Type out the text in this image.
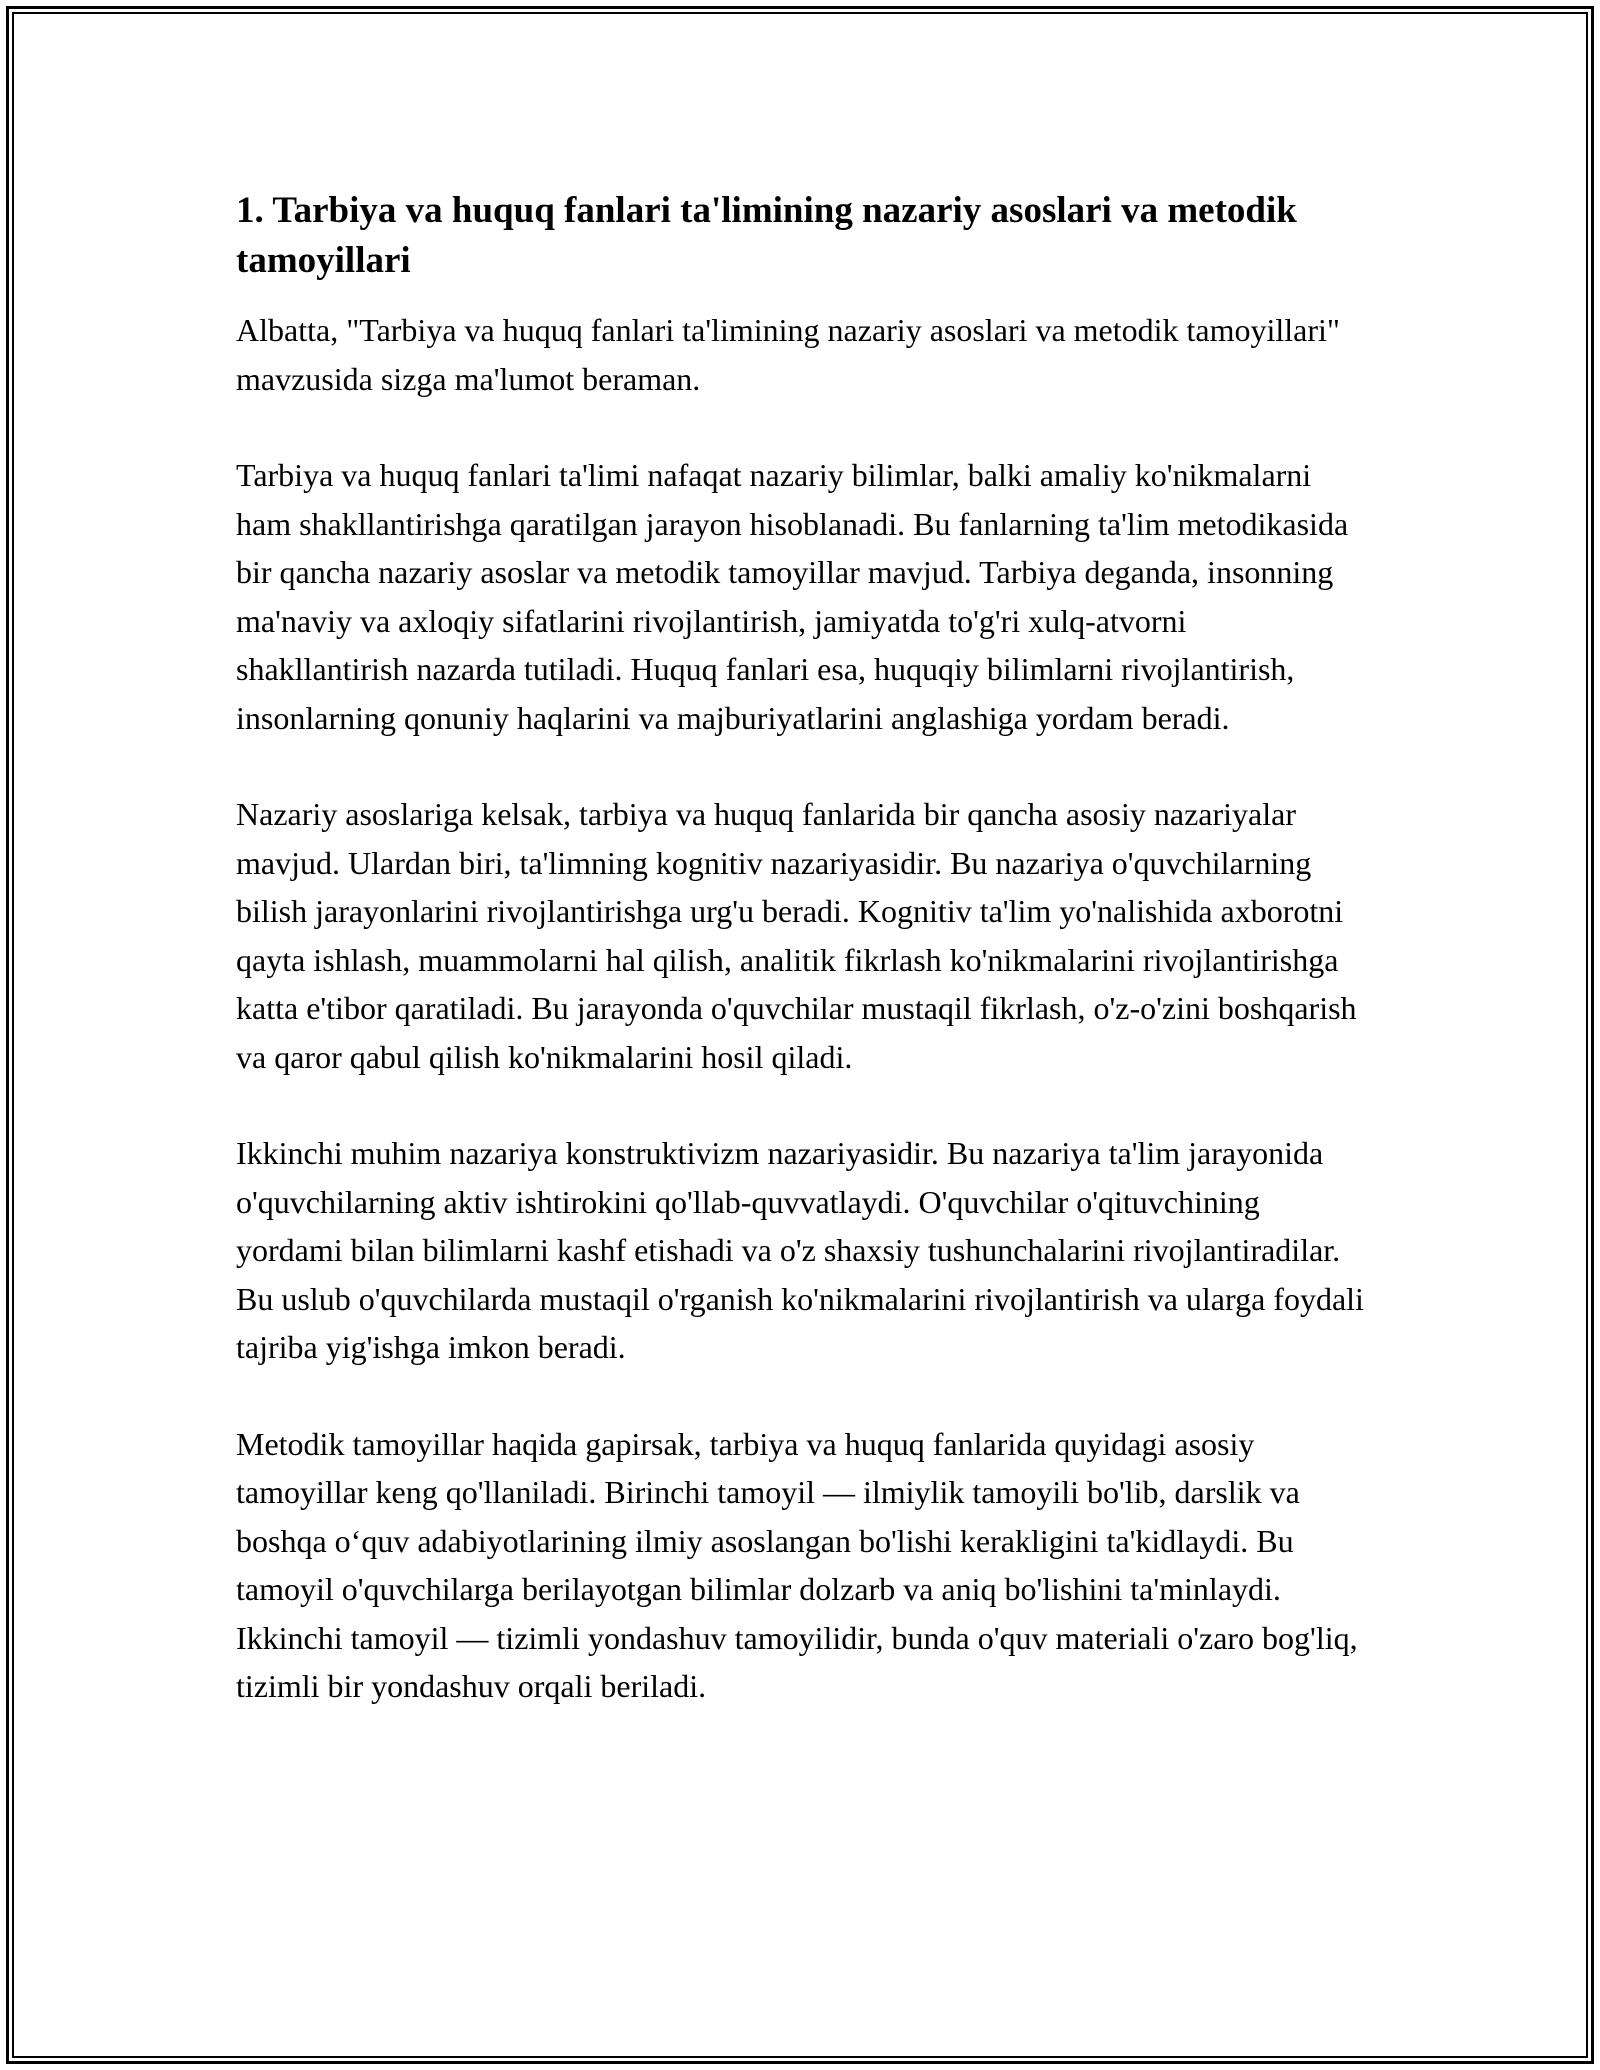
1. Tarbiya va huquq fanlari ta'limining nazariy asoslari va metodik tamoyillari

Albatta, "Tarbiya va huquq fanlari ta'limining nazariy asoslari va metodik tamoyillari" mavzusida sizga ma'lumot beraman.

Tarbiya va huquq fanlari ta'limi nafaqat nazariy bilimlar, balki amaliy ko'nikmalarni ham shakllantirishga qaratilgan jarayon hisoblanadi. Bu fanlarning ta'lim metodikasida bir qancha nazariy asoslar va metodik tamoyillar mavjud. Tarbiya deganda, insonning ma'naviy va axloqiy sifatlarini rivojlantirish, jamiyatda to'g'ri xulq-atvorni shakllantirish nazarda tutiladi. Huquq fanlari esa, huquqiy bilimlarni rivojlantirish, insonlarning qonuniy haqlarini va majburiyatlarini anglashiga yordam beradi.

Nazariy asoslariga kelsak, tarbiya va huquq fanlarida bir qancha asosiy nazariyalar mavjud. Ulardan biri, ta'limning kognitiv nazariyasidir. Bu nazariya o'quvchilarning bilish jarayonlarini rivojlantirishga urg'u beradi. Kognitiv ta'lim yo'nalishida axborotni qayta ishlash, muammolarni hal qilish, analitik fikrlash ko'nikmalarini rivojlantirishga katta e'tibor qaratiladi. Bu jarayonda o'quvchilar mustaqil fikrlash, o'z-o'zini boshqarish va qaror qabul qilish ko'nikmalarini hosil qiladi.

Ikkinchi muhim nazariya konstruktivizm nazariyasidir. Bu nazariya ta'lim jarayonida o'quvchilarning aktiv ishtirokini qo'llab-quvvatlaydi. O'quvchilar o'qituvchining yordami bilan bilimlarni kashf etishadi va o'z shaxsiy tushunchalarini rivojlantiradilar. Bu uslub o'quvchilarda mustaqil o'rganish ko'nikmalarini rivojlantirish va ularga foydali tajriba yig'ishga imkon beradi.

Metodik tamoyillar haqida gapirsak, tarbiya va huquq fanlarida quyidagi asosiy tamoyillar keng qo'llaniladi. Birinchi tamoyil — ilmiylik tamoyili bo'lib, darslik va boshqa o‘quv adabiyotlarining ilmiy asoslangan bo'lishi kerakligini ta'kidlaydi. Bu tamoyil o'quvchilarga berilayotgan bilimlar dolzarb va aniq bo'lishini ta'minlaydi. Ikkinchi tamoyil — tizimli yondashuv tamoyilidir, bunda o'quv materiali o'zaro bog'liq, tizimli bir yondashuv orqali beriladi.
